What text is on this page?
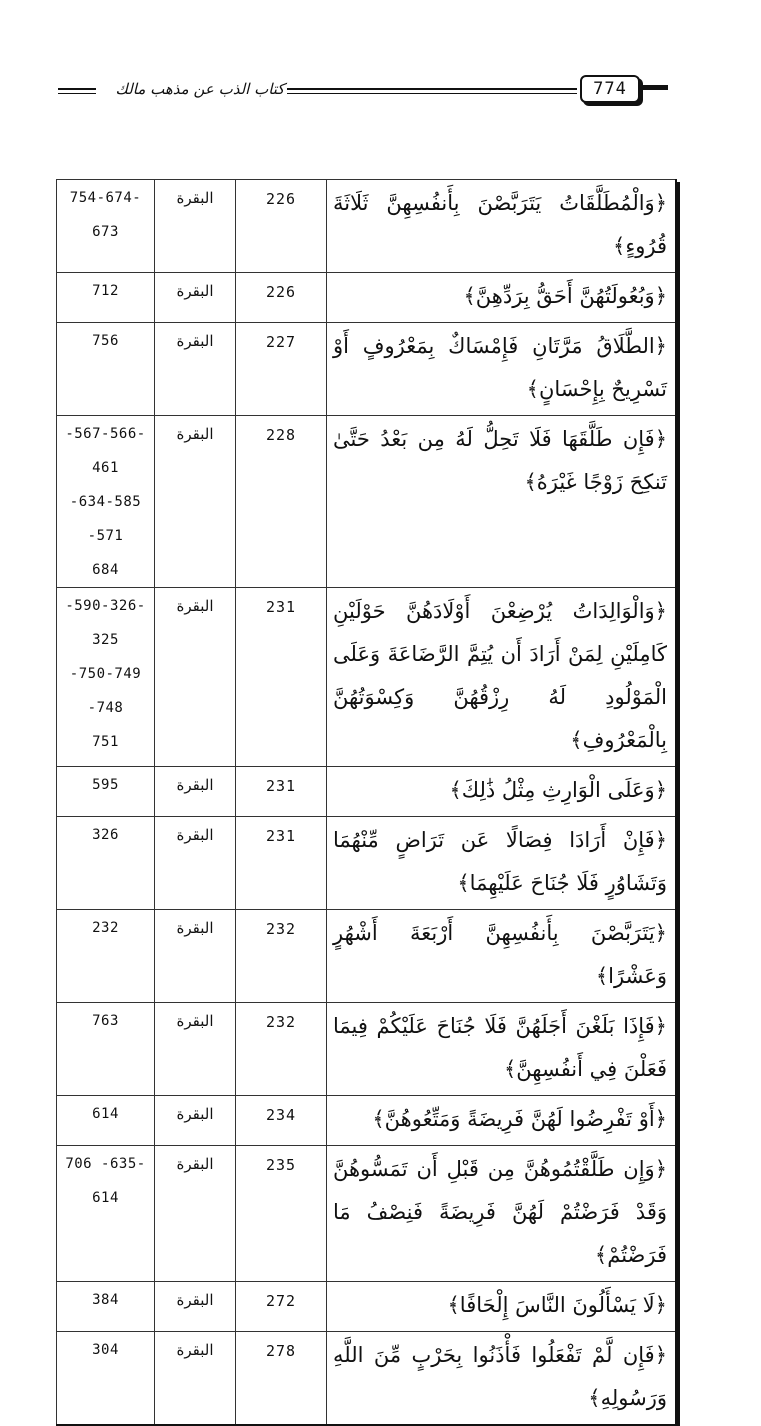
كتاب الذب عن مذهب مالك	774
﴿وَالْمُطَلَّقَاتُ يَتَرَبَّصْنَ بِأَنفُسِهِنَّ ثَلَاثَةَ قُرُوءٍ﴾	226	البقرة	754-674-673

﴿وَبُعُولَتُهُنَّ أَحَقُّ بِرَدِّهِنَّ﴾	226	البقرة	712

﴿الطَّلَاقُ مَرَّتَانِ فَإِمْسَاكٌ بِمَعْرُوفٍ أَوْ تَسْرِيحٌ بِإِحْسَانٍ﴾	227	البقرة	756

﴿فَإِن طَلَّقَهَا فَلَا تَحِلُّ لَهُ مِن بَعْدُ حَتَّىٰ تَنكِحَ زَوْجًا غَيْرَهُ﴾	228	البقرة	-567-566-461
-634-585 -571
684

﴿وَالْوَالِدَاتُ يُرْضِعْنَ أَوْلَادَهُنَّ حَوْلَيْنِ كَامِلَيْنِ لِمَنْ أَرَادَ أَن يُتِمَّ الرَّضَاعَةَ وَعَلَى الْمَوْلُودِ لَهُ رِزْقُهُنَّ وَكِسْوَتُهُنَّ بِالْمَعْرُوفِ﴾	231	البقرة	-590-326-325
-750-749 -748
751

﴿وَعَلَى الْوَارِثِ مِثْلُ ذَٰلِكَ﴾	231	البقرة	595

﴿فَإِنْ أَرَادَا فِصَالًا عَن تَرَاضٍ مِّنْهُمَا وَتَشَاوُرٍ فَلَا جُنَاحَ عَلَيْهِمَا﴾	231	البقرة	326

﴿يَتَرَبَّصْنَ بِأَنفُسِهِنَّ أَرْبَعَةَ أَشْهُرٍ وَعَشْرًا﴾	232	البقرة	232

﴿فَإِذَا بَلَغْنَ أَجَلَهُنَّ فَلَا جُنَاحَ عَلَيْكُمْ فِيمَا فَعَلْنَ فِي أَنفُسِهِنَّ﴾	232	البقرة	763

﴿أَوْ تَفْرِضُوا لَهُنَّ فَرِيضَةً وَمَتِّعُوهُنَّ﴾	234	البقرة	614

﴿وَإِن طَلَّقْتُمُوهُنَّ مِن قَبْلِ أَن تَمَسُّوهُنَّ وَقَدْ فَرَضْتُمْ لَهُنَّ فَرِيضَةً فَنِصْفُ مَا فَرَضْتُمْ﴾	235	البقرة	706 -635-614

﴿لَا يَسْأَلُونَ النَّاسَ إِلْحَافًا﴾	272	البقرة	384

﴿فَإِن لَّمْ تَفْعَلُوا فَأْذَنُوا بِحَرْبٍ مِّنَ اللَّهِ وَرَسُولِهِ﴾	278	البقرة	304
